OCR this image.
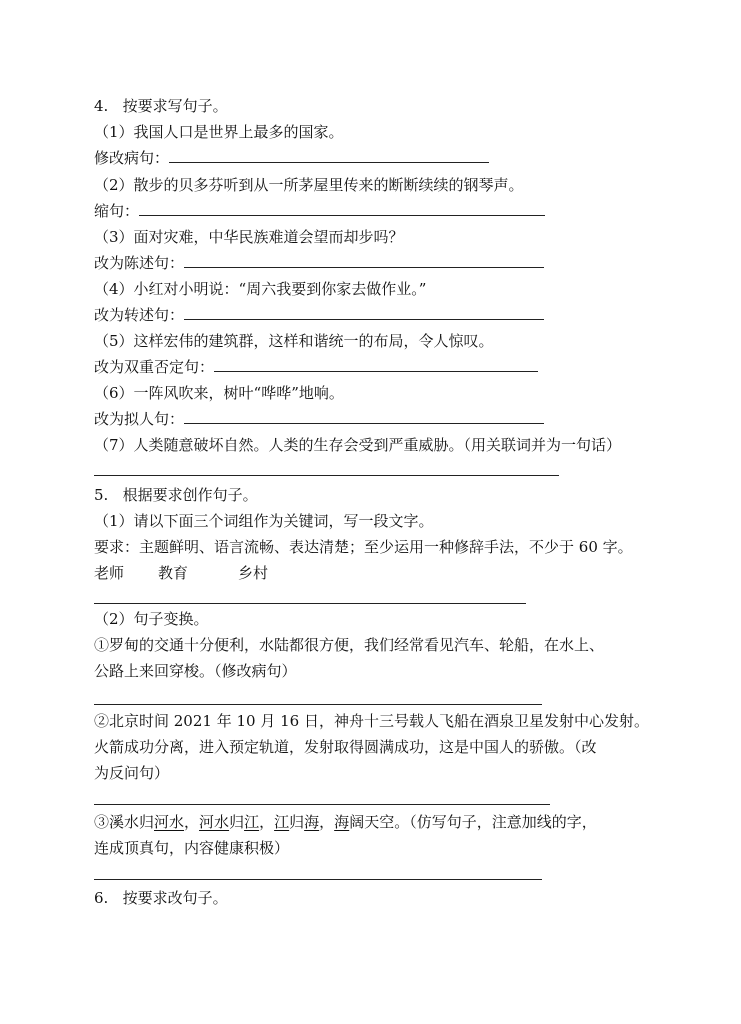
4.   按要求写句子。
（1）我国人口是世界上最多的国家。
修改病句：
（2）散步的贝多芬听到从一所茅屋里传来的断断续续的钢琴声。
缩句：
（3）面对灾难，中华民族难道会望而却步吗？
改为陈述句：
（4）小红对小明说：“周六我要到你家去做作业。”
改为转述句：
（5）这样宏伟的建筑群，这样和谐统一的布局，令人惊叹。
改为双重否定句：
（6）一阵风吹来，树叶“哗哗”地响。
改为拟人句：
（7）人类随意破坏自然。人类的生存会受到严重威胁。（用关联词并为一句话）
5.   根据要求创作句子。
（1）请以下面三个词组作为关键词，写一段文字。
要求：主题鲜明、语言流畅、表达清楚；至少运用一种修辞手法，不少于 60 字。
老师 教育	乡村
（2）句子变换。
①罗甸的交通十分便利，水陆都很方便，我们经常看见汽车、轮船，在水上、
公路上来回穿梭。（修改病句）
②北京时间 2021 年 10 月 16 日，神舟十三号载人飞船在酒泉卫星发射中心发射。
火箭成功分离，进入预定轨道，发射取得圆满成功，这是中国人的骄傲。（改
为反问句）
③溪水归河水，河水归江，江归海，海阔天空。（仿写句子，注意加线的字，
连成顶真句，内容健康积极）
6.   按要求改句子。
